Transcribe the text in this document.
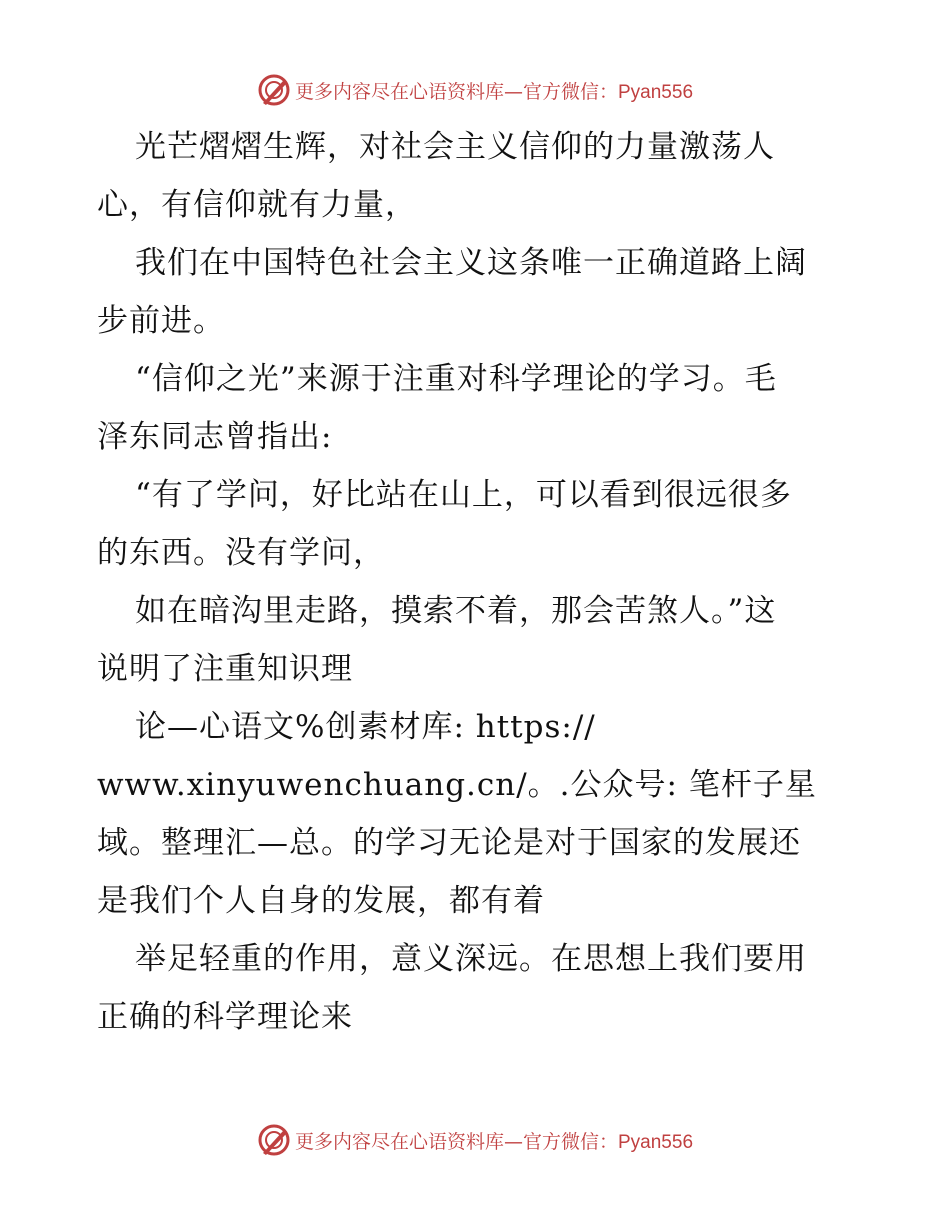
更多内容尽在心语资料库—官方微信：Pyan556

光芒熠熠生辉，对社会主义信仰的力量激荡人

心，有信仰就有力量，

我们在中国特色社会主义这条唯一正确道路上阔

步前进。

“信仰之光”来源于注重对科学理论的学习。毛

泽东同志曾指出:

“有了学问，好比站在山上，可以看到很远很多

的东西。没有学问，

如在暗沟里走路，摸索不着，那会苦煞人。”这

说明了注重知识理

论—心语文%创素材库: https://

www.xinyuwenchuang.cn/。.公众号: 笔杆子星

域。整理汇—总。的学习无论是对于国家的发展还

是我们个人自身的发展，都有着

举足轻重的作用，意义深远。在思想上我们要用

正确的科学理论来

更多内容尽在心语资料库—官方微信：Pyan556
